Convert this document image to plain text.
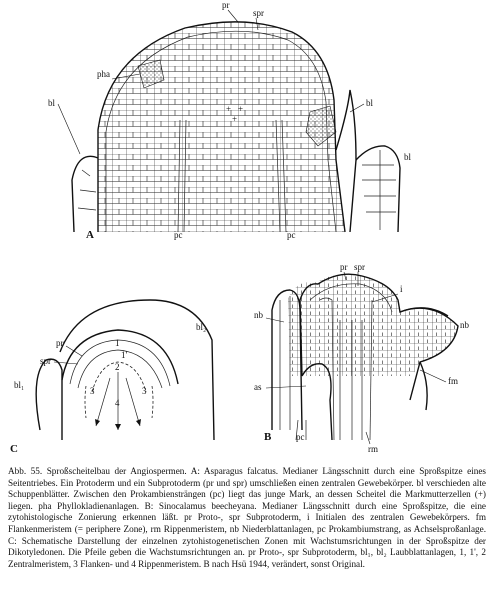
+ +
+
pr
spr
pha
bl	bl
bl
pc	pc
A
pr
spr
bl₁
bl₂
1
1'
2
3	3
4
C
pr spr
i
nb
nb
as
fm
rm
pc
B

Abb. 55. Sproßscheitelbau der Angiospermen. A: Asparagus falcatus. Medianer Längsschnitt durch eine Sproßspitze eines Seitentriebes. Ein Protoderm und ein Subprotoderm (pr und spr) umschließen einen zentralen Gewebekörper. bl verschieden alte Schuppenblätter. Zwischen den Prokambiensträngen (pc) liegt das junge Mark, an dessen Scheitel die Markmutterzellen (+) liegen. pha Phyllokladienanlagen. B: Sinocalamus beecheyana. Medianer Längsschnitt durch eine Sproßspitze, die eine zytohistologische Zonierung erkennen läßt. pr Proto-, spr Subprotoderm, i Initialen des zentralen Gewebekörpers. fm Flankenmeristem (= periphere Zone), rm Rippenmeristem, nb Niederblattanlagen, pc Prokambiumstrang, as Achselsproßanlage. C: Schematische Darstellung der einzelnen zytohistogenetischen Zonen mit Wachstumsrichtungen in der Sproßspitze der Dikotyledonen. Die Pfeile geben die Wachstumsrichtungen an. pr Proto-, spr Subprotoderm, bl₁, bl₂ Laubblattanlagen, 1, 1', 2 Zentralmeristem, 3 Flanken- und 4 Rippenmeristem. B nach Hsü 1944, verändert, sonst Original.
